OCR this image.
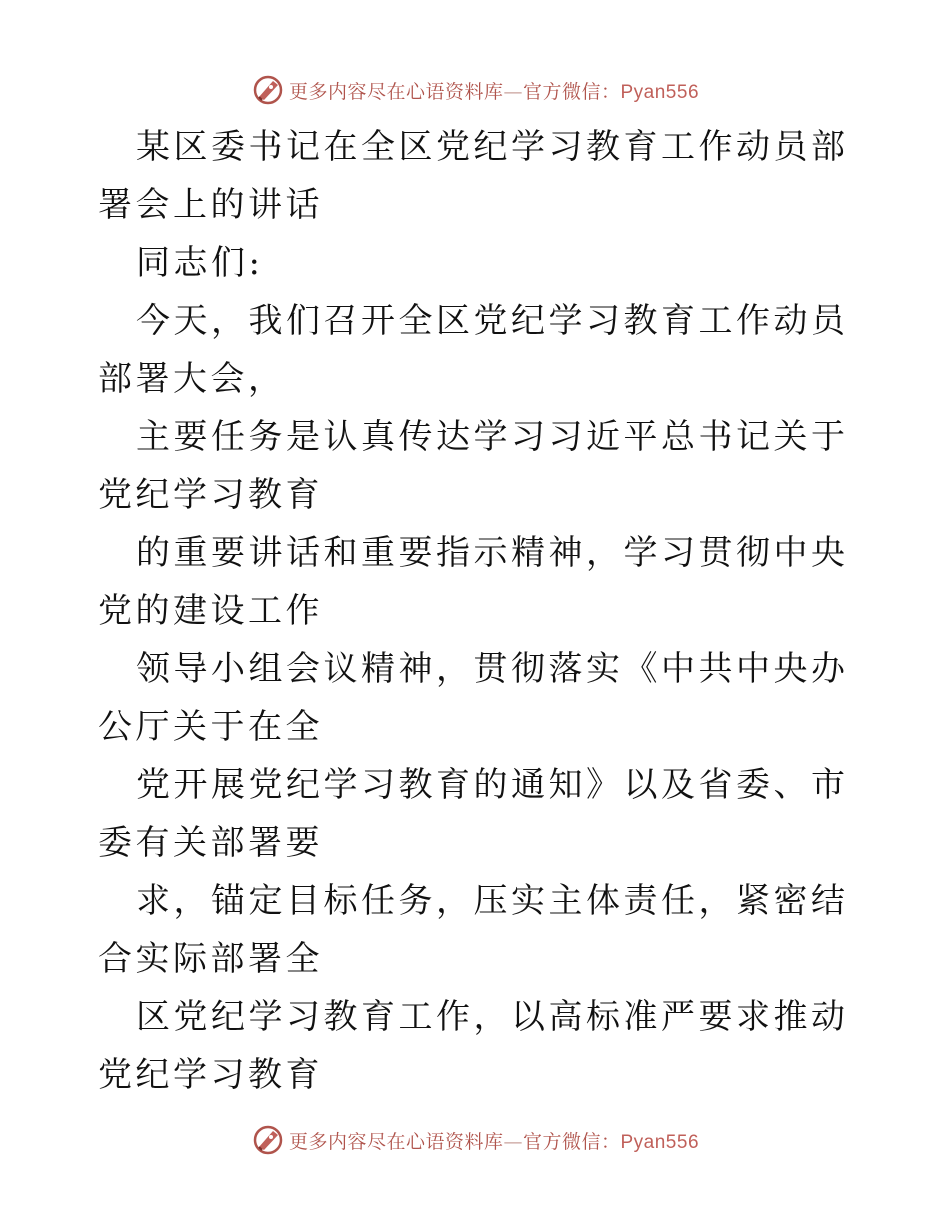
更多内容尽在心语资料库—官方微信：Pyan556

某区委书记在全区党纪学习教育工作动员部署会上的讲话

同志们:

今天，我们召开全区党纪学习教育工作动员部署大会，

主要任务是认真传达学习习近平总书记关于党纪学习教育

的重要讲话和重要指示精神，学习贯彻中央党的建设工作

领导小组会议精神，贯彻落实《中共中央办公厅关于在全

党开展党纪学习教育的通知》以及省委、市委有关部署要

求，锚定目标任务，压实主体责任，紧密结合实际部署全

区党纪学习教育工作，以高标准严要求推动党纪学习教育

更多内容尽在心语资料库—官方微信：Pyan556
